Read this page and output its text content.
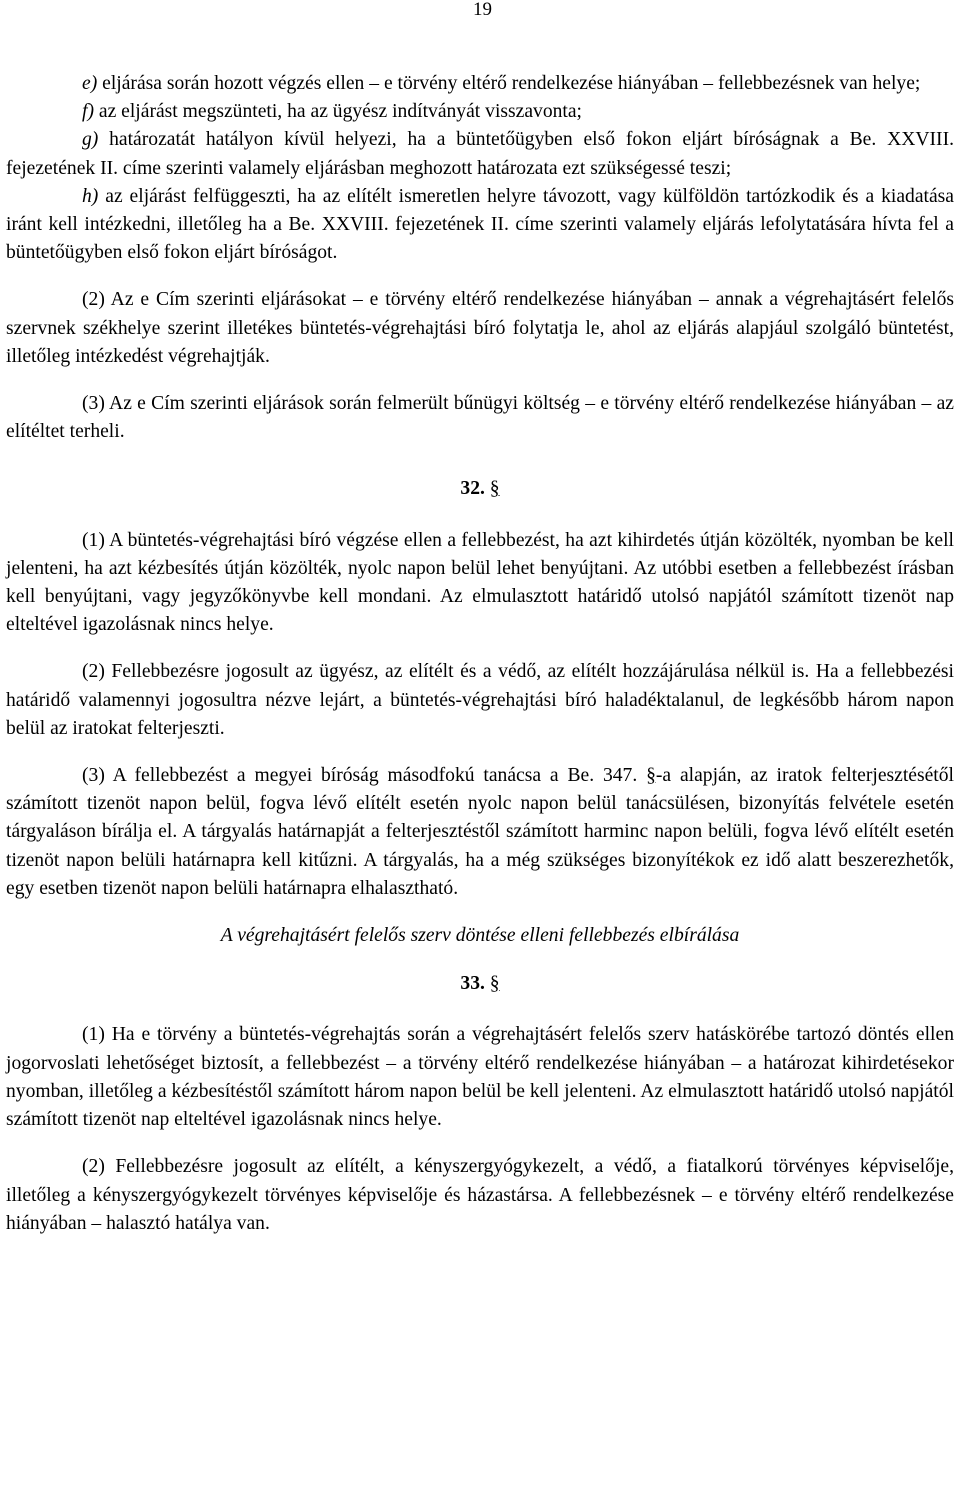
19

e) eljárása során hozott végzés ellen – e törvény eltérő rendelkezése hiányában – fellebbezésnek van helye;

f) az eljárást megszünteti, ha az ügyész indítványát visszavonta;

g) határozatát hatályon kívül helyezi, ha a büntetőügyben első fokon eljárt bíróságnak a Be. XXVIII. fejezetének II. címe szerinti valamely eljárásban meghozott határozata ezt szükségessé teszi;

h) az eljárást felfüggeszti, ha az elítélt ismeretlen helyre távozott, vagy külföldön tartózkodik és a kiadatása iránt kell intézkedni, illetőleg ha a Be. XXVIII. fejezetének II. címe szerinti valamely eljárás lefolytatására hívta fel a büntetőügyben első fokon eljárt bíróságot.

(2) Az e Cím szerinti eljárásokat – e törvény eltérő rendelkezése hiányában – annak a végrehajtásért felelős szervnek székhelye szerint illetékes büntetés-végrehajtási bíró folytatja le, ahol az eljárás alapjául szolgáló büntetést, illetőleg intézkedést végrehajtják.

(3) Az e Cím szerinti eljárások során felmerült bűnügyi költség – e törvény eltérő rendelkezése hiányában – az elítéltet terheli.

32. §

(1) A büntetés-végrehajtási bíró végzése ellen a fellebbezést, ha azt kihirdetés útján közölték, nyomban be kell jelenteni, ha azt kézbesítés útján közölték, nyolc napon belül lehet benyújtani. Az utóbbi esetben a fellebbezést írásban kell benyújtani, vagy jegyzőkönyvbe kell mondani. Az elmulasztott határidő utolsó napjától számított tizenöt nap elteltével igazolásnak nincs helye.

(2) Fellebbezésre jogosult az ügyész, az elítélt és a védő, az elítélt hozzájárulása nélkül is. Ha a fellebbezési határidő valamennyi jogosultra nézve lejárt, a büntetés-végrehajtási bíró haladéktalanul, de legkésőbb három napon belül az iratokat felterjeszti.

(3) A fellebbezést a megyei bíróság másodfokú tanácsa a Be. 347. §-a alapján, az iratok felterjesztésétől számított tizenöt napon belül, fogva lévő elítélt esetén nyolc napon belül tanácsülésen, bizonyítás felvétele esetén tárgyaláson bírálja el. A tárgyalás határnapját a felterjesztéstől számított harminc napon belüli, fogva lévő elítélt esetén tizenöt napon belüli határnapra kell kitűzni. A tárgyalás, ha a még szükséges bizonyítékok ez idő alatt beszerezhetők, egy esetben tizenöt napon belüli határnapra elhalasztható.

A végrehajtásért felelős szerv döntése elleni fellebbezés elbírálása
33. §

(1) Ha e törvény a büntetés-végrehajtás során a végrehajtásért felelős szerv hatáskörébe tartozó döntés ellen jogorvoslati lehetőséget biztosít, a fellebbezést – a törvény eltérő rendelkezése hiányában – a határozat kihirdetésekor nyomban, illetőleg a kézbesítéstől számított három napon belül be kell jelenteni. Az elmulasztott határidő utolsó napjától számított tizenöt nap elteltével igazolásnak nincs helye.

(2) Fellebbezésre jogosult az elítélt, a kényszergyógykezelt, a védő, a fiatalkorú törvényes képviselője, illetőleg a kényszergyógykezelt törvényes képviselője és házastársa. A fellebbezésnek – e törvény eltérő rendelkezése hiányában – halasztó hatálya van.
